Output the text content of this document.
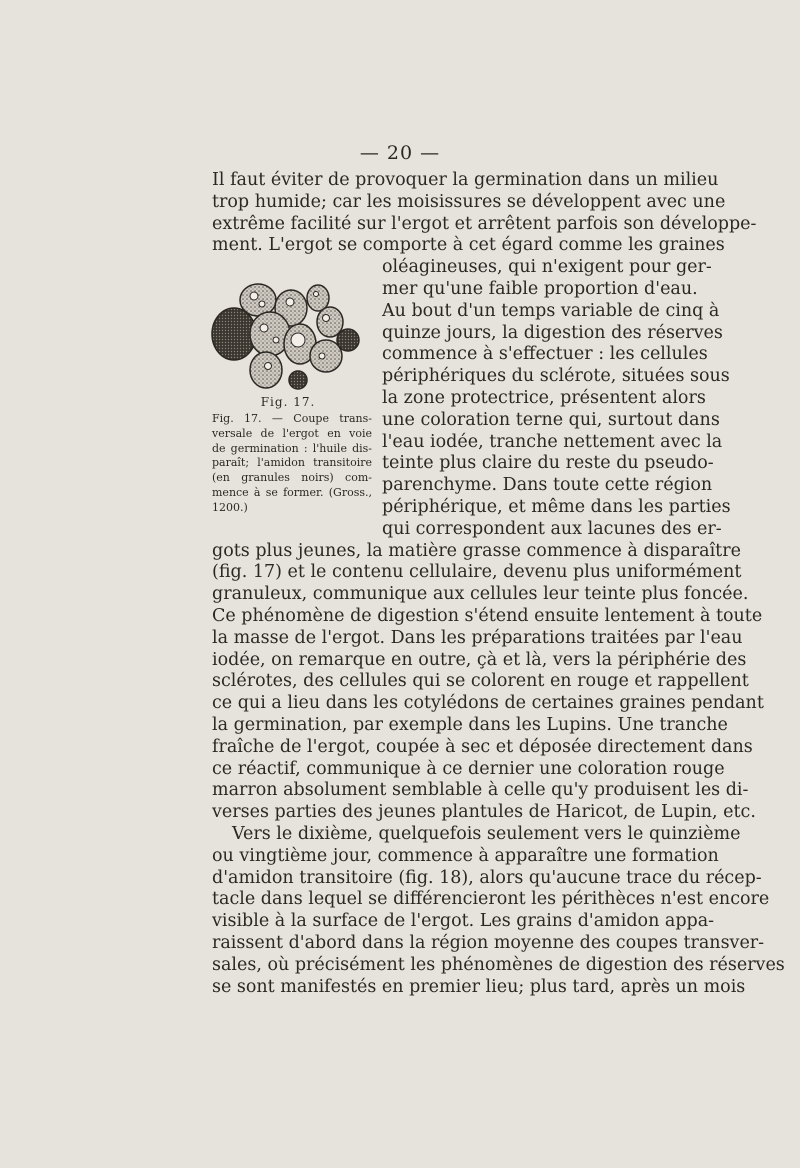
— 20 —
Il faut éviter de provoquer la germination dans un milieu
trop humide; car les moisissures se développent avec une
extrême facilité sur l'ergot et arrêtent parfois son développe-
ment. L'ergot se comporte à cet égard comme les graines
oléagineuses, qui n'exigent pour ger-
mer qu'une faible proportion d'eau.
Au bout d'un temps variable de cinq à
quinze jours, la digestion des réserves
commence à s'effectuer : les cellules
périphériques du sclérote, situées sous
la zone protectrice, présentent alors
une coloration terne qui, surtout dans
l'eau iodée, tranche nettement avec la
teinte plus claire du reste du pseudo-
parenchyme. Dans toute cette région
périphérique, et même dans les parties
qui correspondent aux lacunes des er-
gots plus jeunes, la matière grasse commence à disparaître
(fig. 17) et le contenu cellulaire, devenu plus uniformément
granuleux, communique aux cellules leur teinte plus foncée.
Ce phénomène de digestion s'étend ensuite lentement à toute
la masse de l'ergot. Dans les préparations traitées par l'eau
iodée, on remarque en outre, çà et là, vers la périphérie des
sclérotes, des cellules qui se colorent en rouge et rappellent
ce qui a lieu dans les cotylédons de certaines graines pendant
la germination, par exemple dans les Lupins. Une tranche
fraîche de l'ergot, coupée à sec et déposée directement dans
ce réactif, communique à ce dernier une coloration rouge
marron absolument semblable à celle qu'y produisent les di-
verses parties des jeunes plantules de Haricot, de Lupin, etc.
Vers le dixième, quelquefois seulement vers le quinzième
ou vingtième jour, commence à apparaître une formation
d'amidon transitoire (fig. 18), alors qu'aucune trace du récep-
tacle dans lequel se différencieront les périthèces n'est encore
visible à la surface de l'ergot. Les grains d'amidon appa-
raissent d'abord dans la région moyenne des coupes transver-
sales, où précisément les phénomènes de digestion des réserves
se sont manifestés en premier lieu; plus tard, après un mois
Fig. 17.
Fig. 17. — Coupe trans-
versale de l'ergot en voie
de germination : l'huile dis-
paraît; l'amidon transitoire
(en granules noirs) com-
mence à se former. (Gross.,
1200.)
